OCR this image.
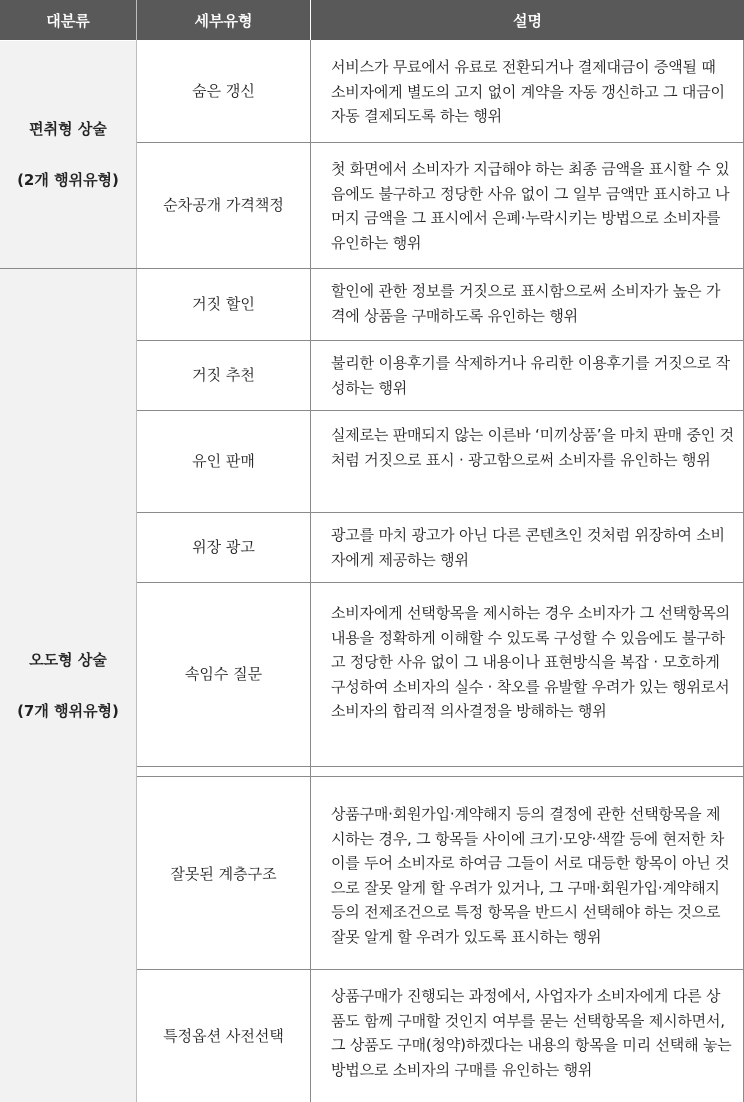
대분류	세부유형	설명
편취형 상술
(2개 행위유형)
오도형 상술
(7개 행위유형)
숨은 갱신
서비스가 무료에서 유료로 전환되거나 결제대금이 증액될 때 소비자에게 별도의 고지 없이 계약을 자동 갱신하고 그 대금이 자동 결제되도록 하는 행위
순차공개 가격책정
첫 화면에서 소비자가 지급해야 하는 최종 금액을 표시할 수 있음에도 불구하고 정당한 사유 없이 그 일부 금액만 표시하고 나머지 금액을 그 표시에서 은폐·누락시키는 방법으로 소비자를 유인하는 행위
거짓 할인
할인에 관한 정보를 거짓으로 표시함으로써 소비자가 높은 가격에 상품을 구매하도록 유인하는 행위
거짓 추천
불리한 이용후기를 삭제하거나 유리한 이용후기를 거짓으로 작성하는 행위
유인 판매
실제로는 판매되지 않는 이른바 ‘미끼상품’을 마치 판매 중인 것처럼 거짓으로 표시 · 광고함으로써 소비자를 유인하는 행위
위장 광고
광고를 마치 광고가 아닌 다른 콘텐츠인 것처럼 위장하여 소비자에게 제공하는 행위
속임수 질문
소비자에게 선택항목을 제시하는 경우 소비자가 그 선택항목의 내용을 정확하게 이해할 수 있도록 구성할 수 있음에도 불구하고 정당한 사유 없이 그 내용이나 표현방식을 복잡 · 모호하게 구성하여 소비자의 실수 · 착오를 유발할 우려가 있는 행위로서 소비자의 합리적 의사결정을 방해하는 행위
잘못된 계층구조
상품구매·회원가입·계약해지 등의 결정에 관한 선택항목을 제시하는 경우, 그 항목들 사이에 크기·모양·색깔 등에 현저한 차이를 두어 소비자로 하여금 그들이 서로 대등한 항목이 아닌 것으로 잘못 알게 할 우려가 있거나, 그 구매·회원가입·계약해지 등의 전제조건으로 특정 항목을 반드시 선택해야 하는 것으로 잘못 알게 할 우려가 있도록 표시하는 행위
특정옵션 사전선택
상품구매가 진행되는 과정에서, 사업자가 소비자에게 다른 상품도 함께 구매할 것인지 여부를 묻는 선택항목을 제시하면서, 그 상품도 구매(청약)하겠다는 내용의 항목을 미리 선택해 놓는 방법으로 소비자의 구매를 유인하는 행위
